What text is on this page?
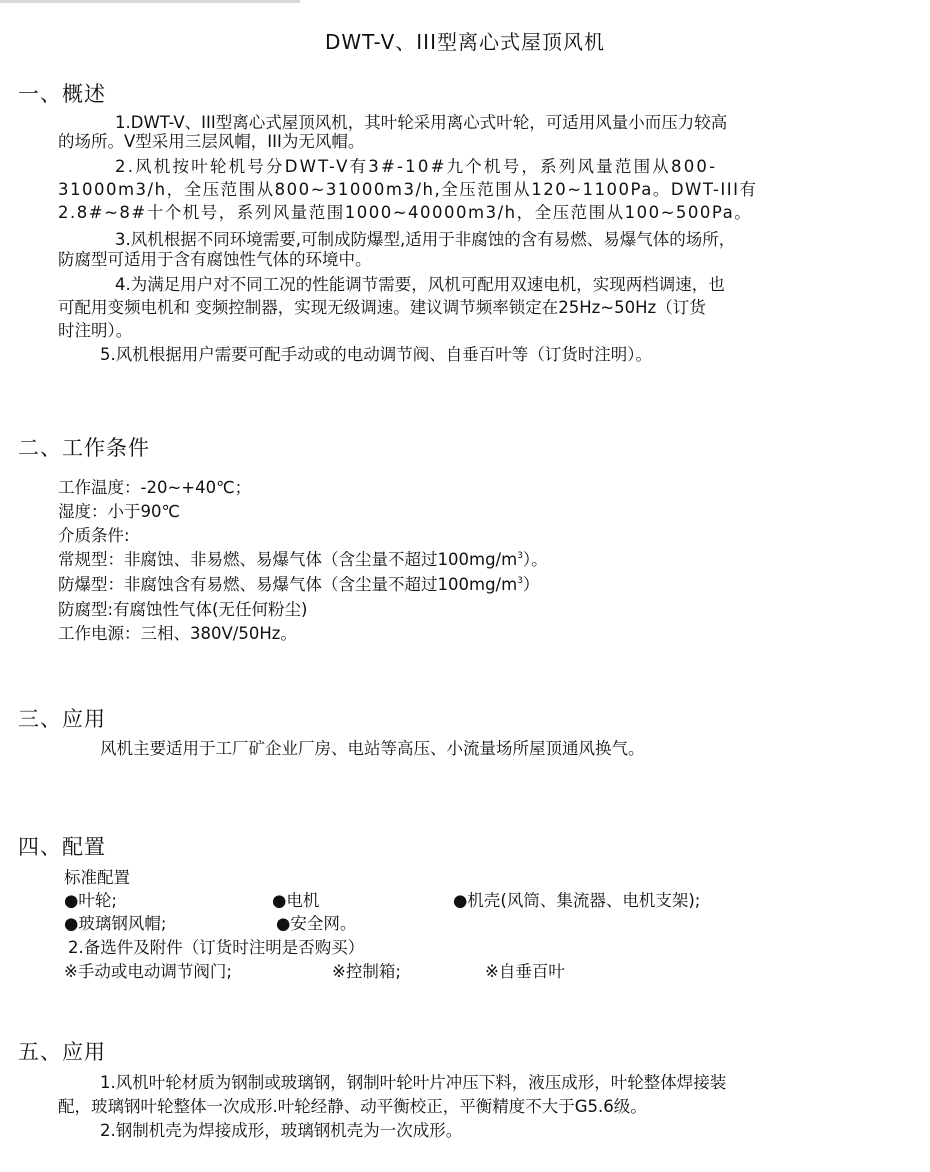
DWT-V、III型离心式屋顶风机
一、概述
1.DWT-V、III型离心式屋顶风机，其叶轮采用离心式叶轮，可适用风量小而压力较高
的场所。V型采用三层风帽，III为无风帽。
2.风机按叶轮机号分DWT-V有3#-10#九个机号，系列风量范围从800-
31000m3/h，全压范围从800~31000m3/h,全压范围从120~1100Pa。DWT-III有
2.8#~8#十个机号，系列风量范围1000~40000m3/h，全压范围从100~500Pa。
3.风机根据不同环境需要,可制成防爆型,适用于非腐蚀的含有易燃、易爆气体的场所，
防腐型可适用于含有腐蚀性气体的环境中。
4.为满足用户对不同工况的性能调节需要，风机可配用双速电机，实现两档调速，也
可配用变频电机和 变频控制器，实现无级调速。建议调节频率锁定在25Hz~50Hz（订货
时注明）。
5.风机根据用户需要可配手动或的电动调节阀、自垂百叶等（订货时注明）。
二、工作条件
工作温度：-20~+40℃；
湿度：小于90℃
介质条件:
常规型：非腐蚀、非易燃、易爆气体（含尘量不超过$100mg/m^3$）。
防爆型：非腐蚀含有易燃、易爆气体（含尘量不超过$100mg/m^3$）
防腐型:有腐蚀性气体(无任何粉尘)
工作电源：三相、380V/50Hz。
三、应用
风机主要适用于工厂矿企业厂房、电站等高压、小流量场所屋顶通风换气。
四、配置
标准配置
●叶轮;	●电机	●机壳(风筒、集流器、电机支架);
●玻璃钢风帽;	●安全网。
2.备选件及附件（订货时注明是否购买）
※手动或电动调节阀门;	※控制箱;	※自垂百叶
五、应用
1.风机叶轮材质为钢制或玻璃钢，钢制叶轮叶片冲压下料，液压成形，叶轮整体焊接装
配，玻璃钢叶轮整体一次成形.叶轮经静、动平衡校正，平衡精度不大于G5.6级。
2.钢制机壳为焊接成形，玻璃钢机壳为一次成形。
